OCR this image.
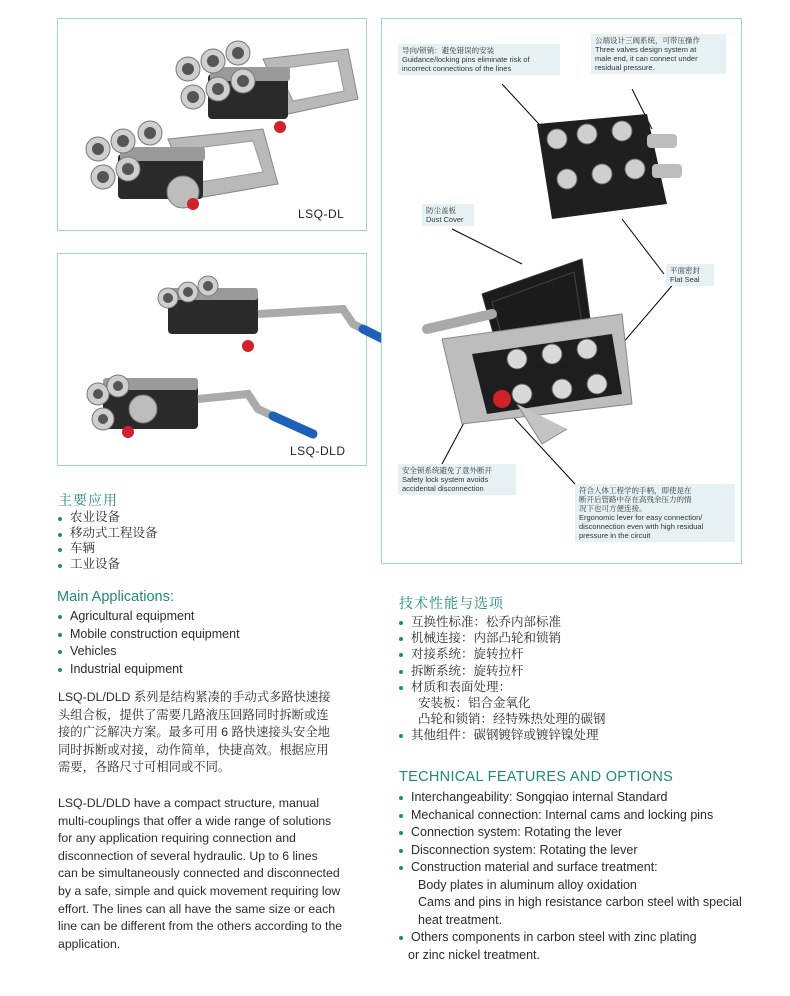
LSQ-DL
LSQ-DLD
导向/锁销：避免错误的安装
Guidance/locking pins eliminate risk of
incorrect connections of the lines
公端设计三阀系统，可带压操作
Three valves design system at
male end, it can connect under
residual pressure.
防尘盖板
Dust Cover
平面密封
Flat Seal
安全锁系统避免了意外断开
Safety lock system avoids
accidental disconnection	符合人体工程学的手柄，即使是在
断开后管路中存在高残余压力的情
况下也可方便连接。
Ergonomic lever for easy connection/
disconnection even with high residual
pressure in the circuit
主要应用
农业设备
移动式工程设备
车辆
工业设备
Main Applications:
Agricultural equipment
Mobile construction equipment
Vehicles
Industrial equipment
LSQ-DL/DLD 系列是结构紧凑的手动式多路快速接
头组合板，提供了需要几路液压回路同时拆断或连
接的广泛解决方案。最多可用 6 路快速接头安全地
同时拆断或对接，动作简单，快捷高效。根据应用
需要，各路尺寸可相同或不同。
LSQ-DL/DLD have a compact structure, manual
multi-couplings that offer a wide range of solutions
for any application requiring connection and
disconnection of several hydraulic. Up to 6 lines
can be simultaneously connected and disconnected
by a safe, simple and quick movement requiring low
effort. The lines can all have the same size or each
line can be different from the others according to the
application.
技术性能与选项
互换性标准：松乔内部标准
机械连接：内部凸轮和锁销
对接系统：旋转拉杆
拆断系统：旋转拉杆
材质和表面处理：
安装板：铝合金氧化
凸轮和锁销：经特殊热处理的碳钢
其他组件：碳钢镀锌或镀锌镍处理
TECHNICAL FEATURES AND OPTIONS
Interchangeability: Songqiao internal Standard
Mechanical connection: Internal cams and locking pins
Connection system: Rotating the lever
Disconnection system: Rotating the lever
Construction material and surface treatment:
Body plates in aluminum alloy oxidation
Cams and pins in high resistance carbon steel with special
heat treatment.
Others components in carbon steel with zinc plating
or zinc nickel treatment.
